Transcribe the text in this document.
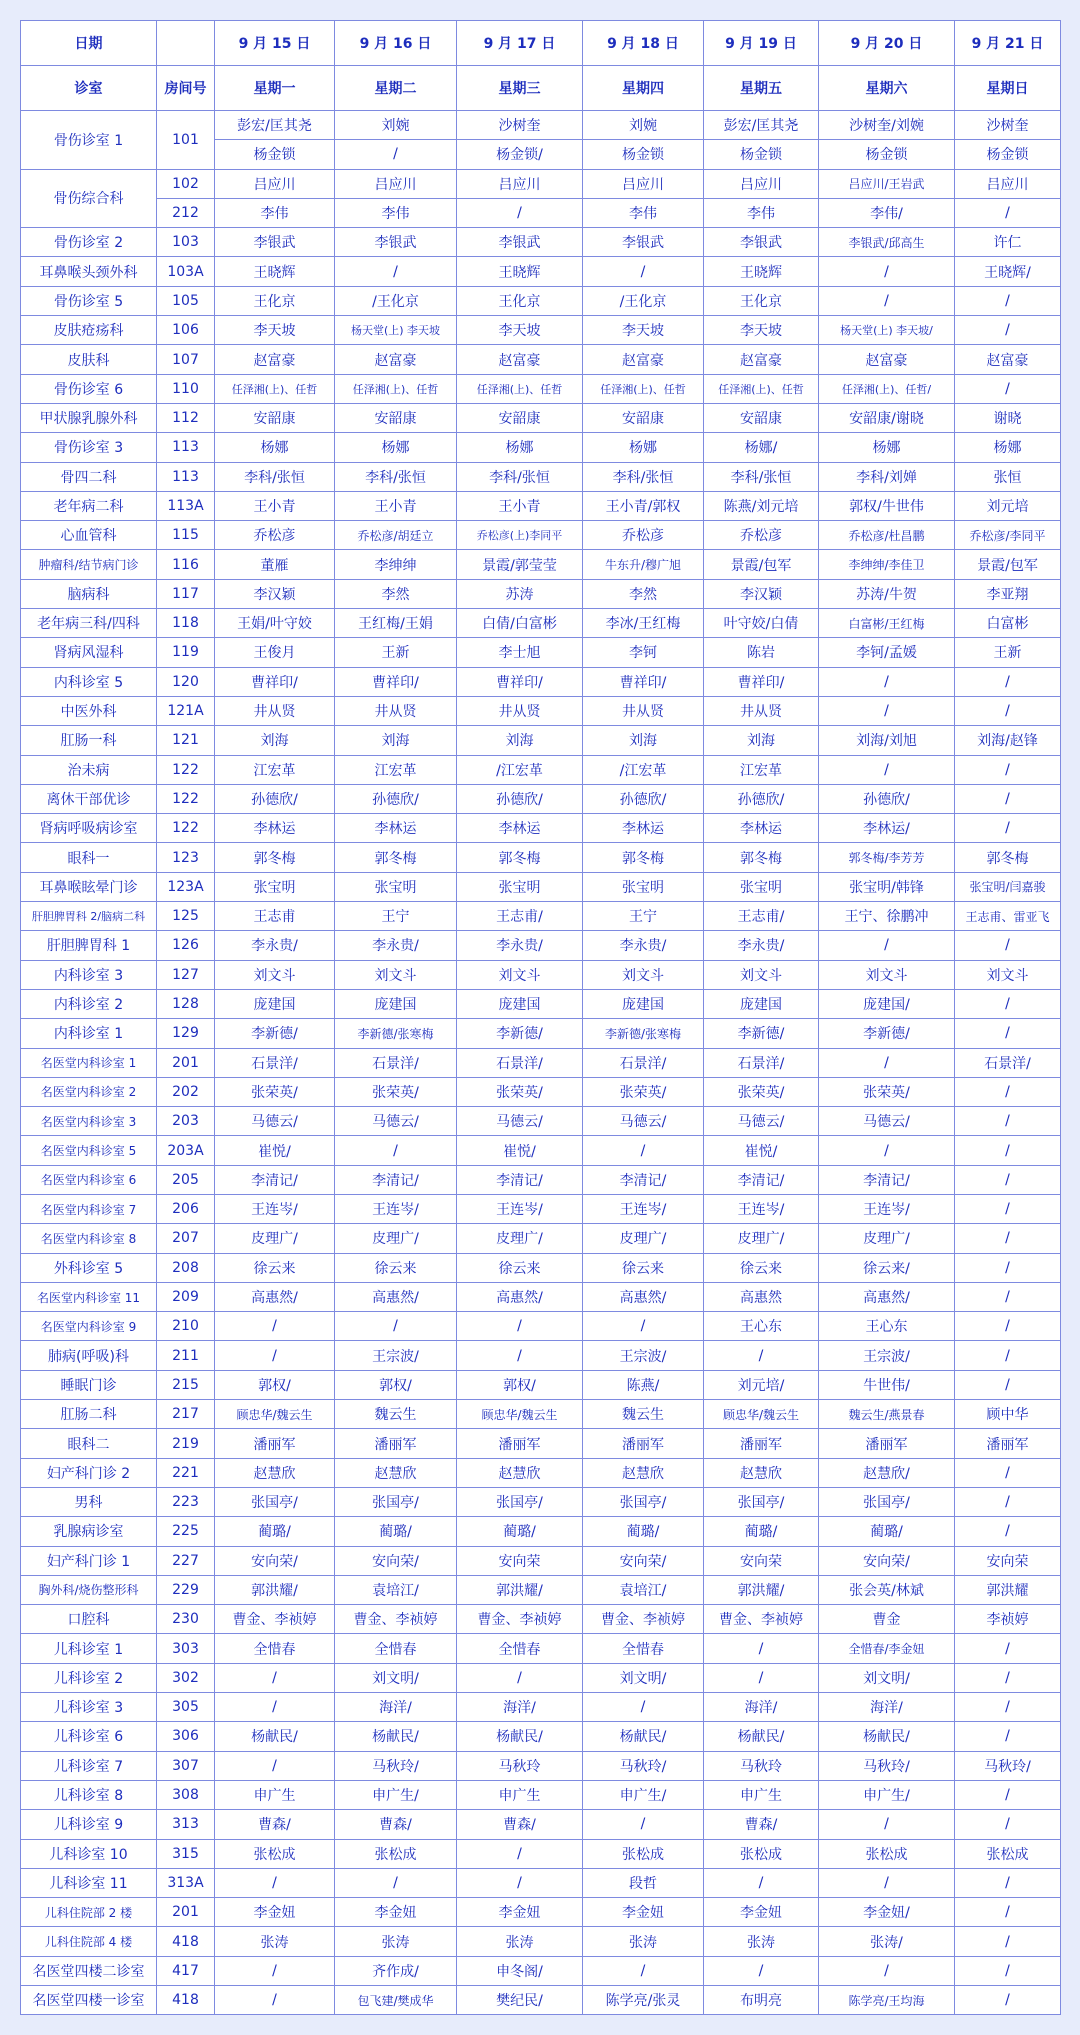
日期		9 月 15 日	9 月 16 日	9 月 17 日	9 月 18 日	9 月 19 日	9 月 20 日	9 月 21 日
诊室	房间号	星期一	星期二	星期三	星期四	星期五	星期六	星期日
骨伤诊室 1	101	彭宏/匡其尧	刘婉	沙树奎	刘婉	彭宏/匡其尧	沙树奎/刘婉	沙树奎
		杨金锁	/	杨金锁/	杨金锁	杨金锁	杨金锁	杨金锁
骨伤综合科	102	吕应川	吕应川	吕应川	吕应川	吕应川	吕应川/王岩武	吕应川
	212	李伟	李伟	/	李伟	李伟	李伟/	/
骨伤诊室 2	103	李银武	李银武	李银武	李银武	李银武	李银武/邱高生	许仁
耳鼻喉头颈外科	103A	王晓辉	/	王晓辉	/	王晓辉	/	王晓辉/
骨伤诊室 5	105	王化京	/王化京	王化京	/王化京	王化京	/	/
皮肤疮疡科	106	李天坡	杨天堂(上) 李天坡	李天坡	李天坡	李天坡	杨天堂(上) 李天坡/	/
皮肤科	107	赵富豪	赵富豪	赵富豪	赵富豪	赵富豪	赵富豪	赵富豪
骨伤诊室 6	110	任泽湘(上)、任哲	任泽湘(上)、任哲	任泽湘(上)、任哲	任泽湘(上)、任哲	任泽湘(上)、任哲	任泽湘(上)、任哲/	/
甲状腺乳腺外科	112	安韶康	安韶康	安韶康	安韶康	安韶康	安韶康/谢晓	谢晓
骨伤诊室 3	113	杨娜	杨娜	杨娜	杨娜	杨娜/	杨娜	杨娜
骨四二科	113	李科/张恒	李科/张恒	李科/张恒	李科/张恒	李科/张恒	李科/刘婵	张恒
老年病二科	113A	王小青	王小青	王小青	王小青/郭权	陈燕/刘元培	郭权/牛世伟	刘元培
心血管科	115	乔松彦	乔松彦/胡廷立	乔松彦(上)李同平	乔松彦	乔松彦	乔松彦/杜昌鹏	乔松彦/李同平
肿瘤科/结节病门诊	116	董雁	李绅绅	景霞/郭莹莹	牛东升/穆广旭	景霞/包军	李绅绅/李佳卫	景霞/包军
脑病科	117	李汉颖	李然	苏涛	李然	李汉颖	苏涛/牛贺	李亚翔
老年病三科/四科	118	王娟/叶守姣	王红梅/王娟	白倩/白富彬	李冰/王红梅	叶守姣/白倩	白富彬/王红梅	白富彬
肾病风湿科	119	王俊月	王新	李士旭	李钶	陈岩	李钶/孟媛	王新
内科诊室 5	120	曹祥印/	曹祥印/	曹祥印/	曹祥印/	曹祥印/	/	/
中医外科	121A	井从贤	井从贤	井从贤	井从贤	井从贤	/	/
肛肠一科	121	刘海	刘海	刘海	刘海	刘海	刘海/刘旭	刘海/赵锋
治未病	122	江宏革	江宏革	/江宏革	/江宏革	江宏革	/	/
离休干部优诊	122	孙德欣/	孙德欣/	孙德欣/	孙德欣/	孙德欣/	孙德欣/	/
肾病呼吸病诊室	122	李林运	李林运	李林运	李林运	李林运	李林运/	/
眼科一	123	郭冬梅	郭冬梅	郭冬梅	郭冬梅	郭冬梅	郭冬梅/李芳芳	郭冬梅
耳鼻喉眩晕门诊	123A	张宝明	张宝明	张宝明	张宝明	张宝明	张宝明/韩锋	张宝明/闫嘉骏
肝胆脾胃科 2/脑病二科	125	王志甫	王宁	王志甫/	王宁	王志甫/	王宁、徐鹏冲	王志甫、雷亚飞
肝胆脾胃科 1	126	李永贵/	李永贵/	李永贵/	李永贵/	李永贵/	/	/
内科诊室 3	127	刘文斗	刘文斗	刘文斗	刘文斗	刘文斗	刘文斗	刘文斗
内科诊室 2	128	庞建国	庞建国	庞建国	庞建国	庞建国	庞建国/	/
内科诊室 1	129	李新德/	李新德/张寒梅	李新德/	李新德/张寒梅	李新德/	李新德/	/
名医堂内科诊室 1	201	石景洋/	石景洋/	石景洋/	石景洋/	石景洋/	/	石景洋/
名医堂内科诊室 2	202	张荣英/	张荣英/	张荣英/	张荣英/	张荣英/	张荣英/	/
名医堂内科诊室 3	203	马德云/	马德云/	马德云/	马德云/	马德云/	马德云/	/
名医堂内科诊室 5	203A	崔悦/	/	崔悦/	/	崔悦/	/	/
名医堂内科诊室 6	205	李清记/	李清记/	李清记/	李清记/	李清记/	李清记/	/
名医堂内科诊室 7	206	王连岑/	王连岑/	王连岑/	王连岑/	王连岑/	王连岑/	/
名医堂内科诊室 8	207	皮理广/	皮理广/	皮理广/	皮理广/	皮理广/	皮理广/	/
外科诊室 5	208	徐云来	徐云来	徐云来	徐云来	徐云来	徐云来/	/
名医堂内科诊室 11	209	高惠然/	高惠然/	高惠然/	高惠然/	高惠然	高惠然/	/
名医堂内科诊室 9	210	/	/	/	/	王心东	王心东	/
肺病(呼吸)科	211	/	王宗波/	/	王宗波/	/	王宗波/	/
睡眠门诊	215	郭权/	郭权/	郭权/	陈燕/	刘元培/	牛世伟/	/
肛肠二科	217	顾忠华/魏云生	魏云生	顾忠华/魏云生	魏云生	顾忠华/魏云生	魏云生/燕景春	顾中华
眼科二	219	潘丽军	潘丽军	潘丽军	潘丽军	潘丽军	潘丽军	潘丽军
妇产科门诊 2	221	赵慧欣	赵慧欣	赵慧欣	赵慧欣	赵慧欣	赵慧欣/	/
男科	223	张国亭/	张国亭/	张国亭/	张国亭/	张国亭/	张国亭/	/
乳腺病诊室	225	蔺璐/	蔺璐/	蔺璐/	蔺璐/	蔺璐/	蔺璐/	/
妇产科门诊 1	227	安向荣/	安向荣/	安向荣	安向荣/	安向荣	安向荣/	安向荣
胸外科/烧伤整形科	229	郭洪耀/	袁培江/	郭洪耀/	袁培江/	郭洪耀/	张会英/林斌	郭洪耀
口腔科	230	曹金、李祯婷	曹金、李祯婷	曹金、李祯婷	曹金、李祯婷	曹金、李祯婷	曹金	李祯婷
儿科诊室 1	303	全惜春	全惜春	全惜春	全惜春	/	全惜春/李金妞	/
儿科诊室 2	302	/	刘文明/	/	刘文明/	/	刘文明/	/
儿科诊室 3	305	/	海洋/	海洋/	/	海洋/	海洋/	/
儿科诊室 6	306	杨献民/	杨献民/	杨献民/	杨献民/	杨献民/	杨献民/	/
儿科诊室 7	307	/	马秋玲/	马秋玲	马秋玲/	马秋玲	马秋玲/	马秋玲/
儿科诊室 8	308	申广生	申广生/	申广生	申广生/	申广生	申广生/	/
儿科诊室 9	313	曹森/	曹森/	曹森/	/	曹森/	/	/
儿科诊室 10	315	张松成	张松成	/	张松成	张松成	张松成	张松成
儿科诊室 11	313A	/	/	/	段哲	/	/	/
儿科住院部 2 楼	201	李金妞	李金妞	李金妞	李金妞	李金妞	李金妞/	/
儿科住院部 4 楼	418	张涛	张涛	张涛	张涛	张涛	张涛/	/
名医堂四楼二诊室	417	/	齐作成/	申冬阁/	/	/	/	/
名医堂四楼一诊室	418	/	包飞建/樊成华	樊纪民/	陈学亮/张灵	布明亮	陈学亮/王均海	/
